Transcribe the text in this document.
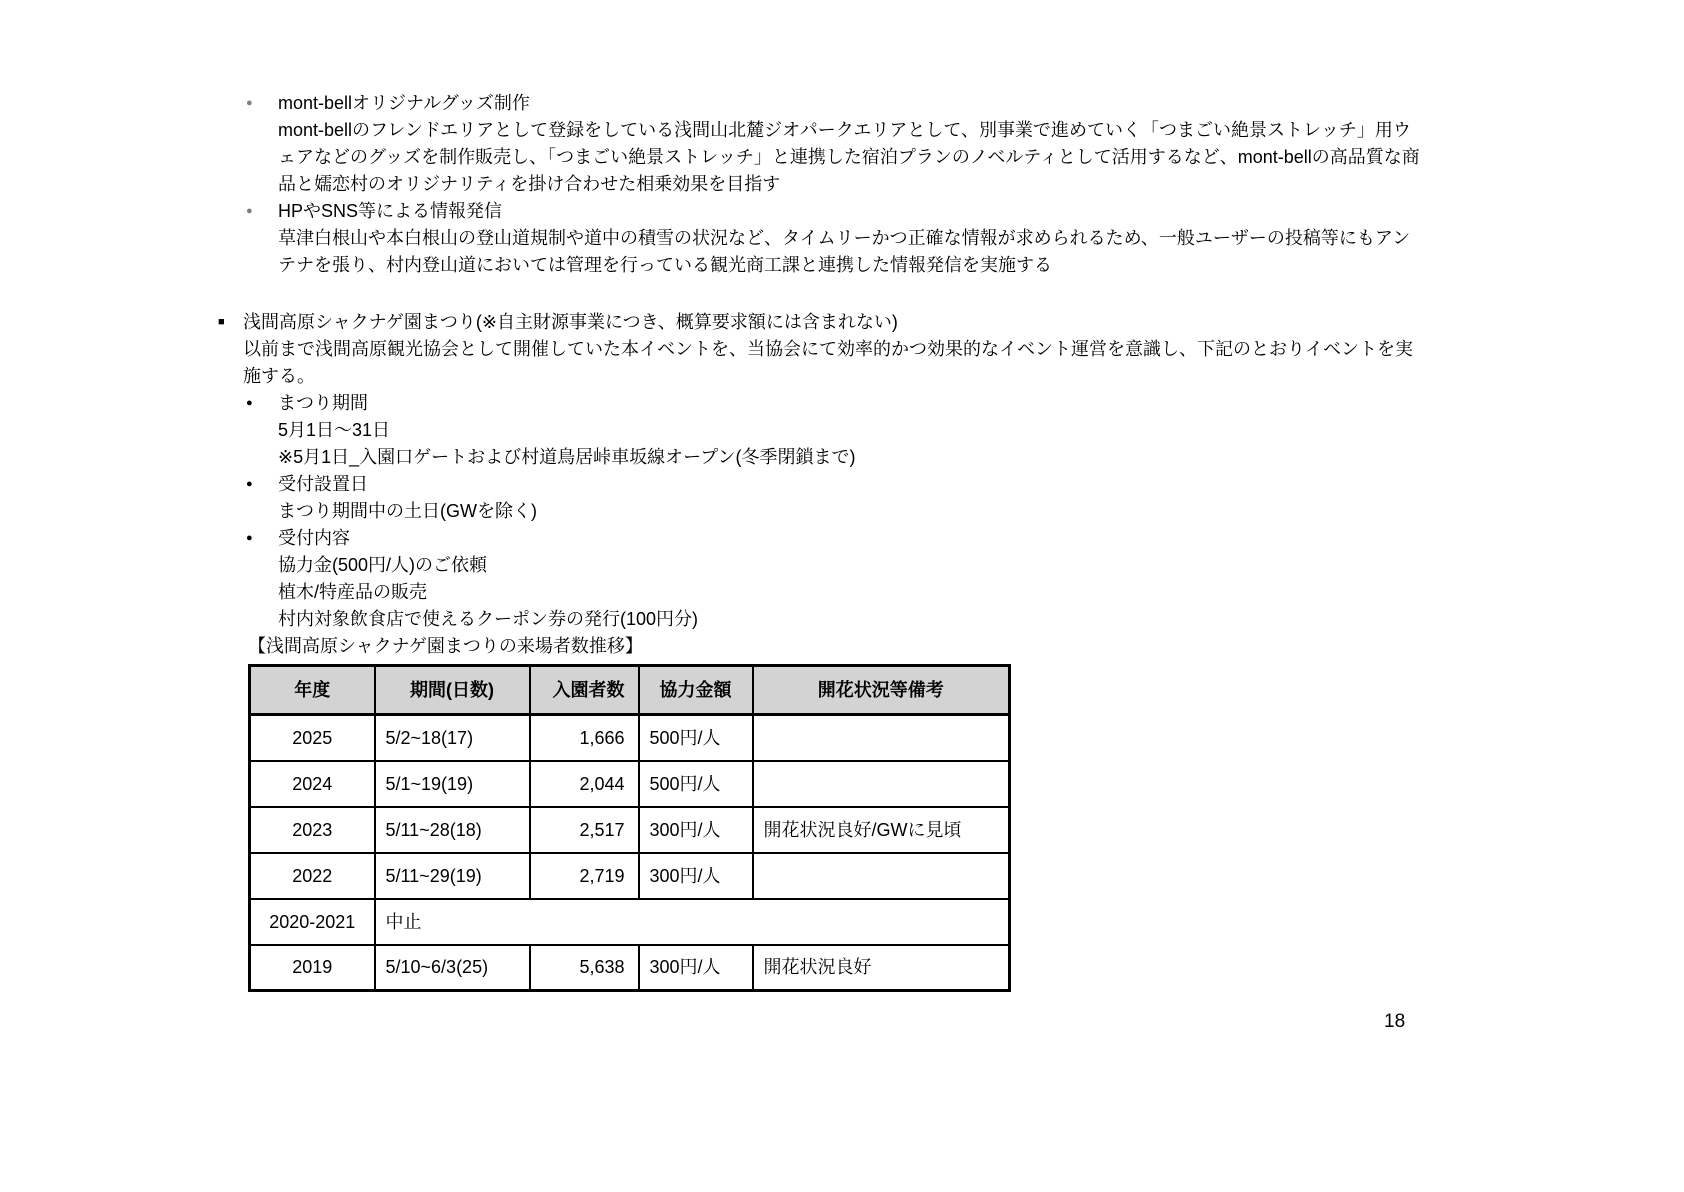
●	mont-bellオリジナルグッズ制作
mont-bellのフレンドエリアとして登録をしている浅間山北麓ジオパークエリアとして、別事業で進めていく「つまごい絶景ストレッチ」用ウェアなどのグッズを制作販売し、「つまごい絶景ストレッチ」と連携した宿泊プランのノベルティとして活用するなど、mont-bellの高品質な商品と嬬恋村のオリジナリティを掛け合わせた相乗効果を目指す
●	HPやSNS等による情報発信
草津白根山や本白根山の登山道規制や道中の積雪の状況など、タイムリーかつ正確な情報が求められるため、一般ユーザーの投稿等にもアンテナを張り、村内登山道においては管理を行っている観光商工課と連携した情報発信を実施する
■	浅間高原シャクナゲ園まつり(※自主財源事業につき、概算要求額には含まれない)
以前まで浅間高原観光協会として開催していた本イベントを、当協会にて効率的かつ効果的なイベント運営を意識し、下記のとおりイベントを実施する。
●	まつり期間
5月1日〜31日
※5月1日_入園口ゲートおよび村道鳥居峠車坂線オープン(冬季閉鎖まで)
●	受付設置日
まつり期間中の土日(GWを除く)
●	受付内容
協力金(500円/人)のご依頼
植木/特産品の販売
村内対象飲食店で使えるクーポン券の発行(100円分)
【浅間高原シャクナゲ園まつりの来場者数推移】
年度	期間(日数)	入園者数	協力金額	開花状況等備考
2025	5/2~18(17)	1,666	500円/人	
2024	5/1~19(19)	2,044	500円/人	
2023	5/11~28(18)	2,517	300円/人	開花状況良好/GWに見頃
2022	5/11~29(19)	2,719	300円/人	
2020-2021	中止			
2019	5/10~6/3(25)	5,638	300円/人	開花状況良好
18
